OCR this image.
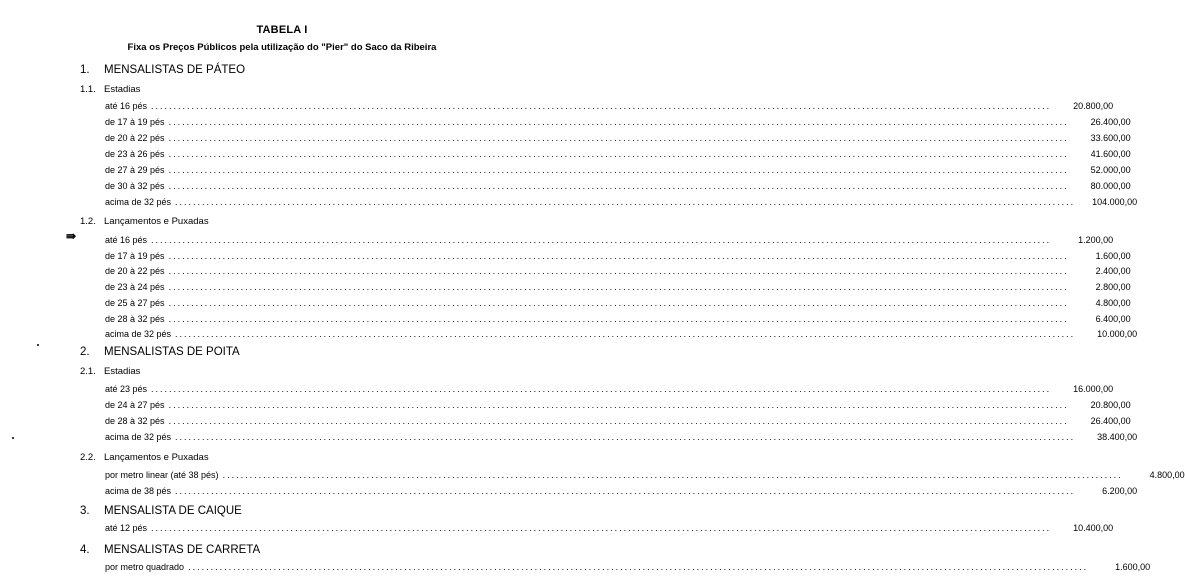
TABELA I
Fixa os Preços Públicos pela utilização do "Pier" do Saco da Ribeira
1. MENSALISTAS DE PÁTEO
1.1. Estadias
até 16 pés ........................................................................................................................................................................................................	20.800,00
de 17 à 19 pés ........................................................................................................................................................................................................	26.400,00
de 20 à 22 pés ........................................................................................................................................................................................................	33.600,00
de 23 à 26 pés ........................................................................................................................................................................................................	41.600,00
de 27 à 29 pés ........................................................................................................................................................................................................	52.000,00
de 30 à 32 pés ........................................................................................................................................................................................................	80.000,00
acima de 32 pés ........................................................................................................................................................................................................	104.000,00
1.2. Lançamentos e Puxadas
⇛	até 16 pés ........................................................................................................................................................................................................	1.200,00
de 17 à 19 pés ........................................................................................................................................................................................................	1.600,00
de 20 à 22 pés ........................................................................................................................................................................................................	2.400,00
de 23 à 24 pés ........................................................................................................................................................................................................	2.800,00
de 25 à 27 pés ........................................................................................................................................................................................................	4.800,00
de 28 à 32 pés ........................................................................................................................................................................................................	6.400,00
acima de 32 pés ........................................................................................................................................................................................................	10.000,00
2. MENSALISTAS DE POITA
2.1. Estadias
até 23 pés ........................................................................................................................................................................................................	16.000,00
de 24 à 27 pés ........................................................................................................................................................................................................	20.800,00
de 28 à 32 pés ........................................................................................................................................................................................................	26.400,00
acima de 32 pés ........................................................................................................................................................................................................	38.400,00
2.2. Lançamentos e Puxadas
por metro linear (até 38 pés) ........................................................................................................................................................................................................	4.800,00
acima de 38 pés ........................................................................................................................................................................................................	6.200,00
3. MENSALISTA DE CAIQUE
até 12 pés ........................................................................................................................................................................................................	10.400,00
4. MENSALISTAS DE CARRETA
por metro quadrado ........................................................................................................................................................................................................	1.600,00
